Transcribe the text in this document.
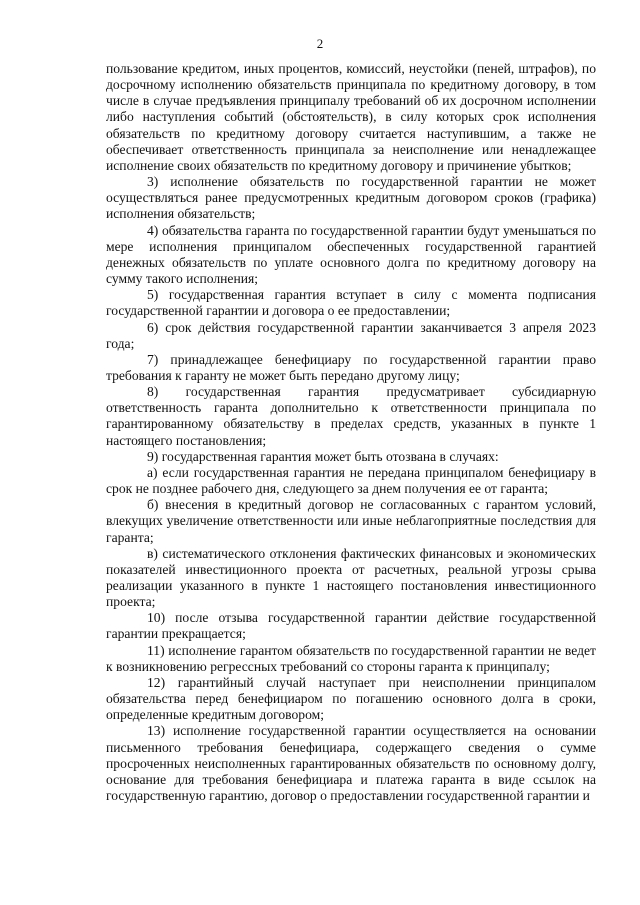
2

пользование кредитом, иных процентов, комиссий, неустойки (пеней, штрафов), по досрочному исполнению обязательств принципала по кредитному договору, в том числе в случае предъявления принципалу требований об их досрочном исполнении либо наступления событий (обстоятельств), в силу которых срок исполнения обязательств по кредитному договору считается наступившим, а также не обеспечивает ответственность принципала за неисполнение или ненадлежащее исполнение своих обязательств по кредитному договору и причинение убытков;

3) исполнение обязательств по государственной гарантии не может осуществляться ранее предусмотренных кредитным договором сроков (графика) исполнения обязательств;

4) обязательства гаранта по государственной гарантии будут уменьшаться по мере исполнения принципалом обеспеченных государственной гарантией денежных обязательств по уплате основного долга по кредитному договору на сумму такого исполнения;

5) государственная гарантия вступает в силу с момента подписания государственной гарантии и договора о ее предоставлении;

6) срок действия государственной гарантии заканчивается 3 апреля 2023 года;

7) принадлежащее бенефициару по государственной гарантии право требования к гаранту не может быть передано другому лицу;

8) государственная гарантия предусматривает субсидиарную ответственность гаранта дополнительно к ответственности принципала по гарантированному обязательству в пределах средств, указанных в пункте 1 настоящего постановления;

9) государственная гарантия может быть отозвана в случаях:

а) если государственная гарантия не передана принципалом бенефициару в срок не позднее рабочего дня, следующего за днем получения ее от гаранта;

б) внесения в кредитный договор не согласованных с гарантом условий, влекущих увеличение ответственности или иные неблагоприятные последствия для гаранта;

в) систематического отклонения фактических финансовых и экономических показателей инвестиционного проекта от расчетных, реальной угрозы срыва реализации указанного в пункте 1 настоящего постановления инвестиционного проекта;

10) после отзыва государственной гарантии действие государственной гарантии прекращается;

11) исполнение гарантом обязательств по государственной гарантии не ведет к возникновению регрессных требований со стороны гаранта к принципалу;

12) гарантийный случай наступает при неисполнении принципалом обязательства перед бенефициаром по погашению основного долга в сроки, определенные кредитным договором;

13) исполнение государственной гарантии осуществляется на основании письменного требования бенефициара, содержащего сведения о сумме просроченных неисполненных гарантированных обязательств по основному долгу, основание для требования бенефициара и платежа гаранта в виде ссылок на государственную гарантию, договор о предоставлении государственной гарантии и
